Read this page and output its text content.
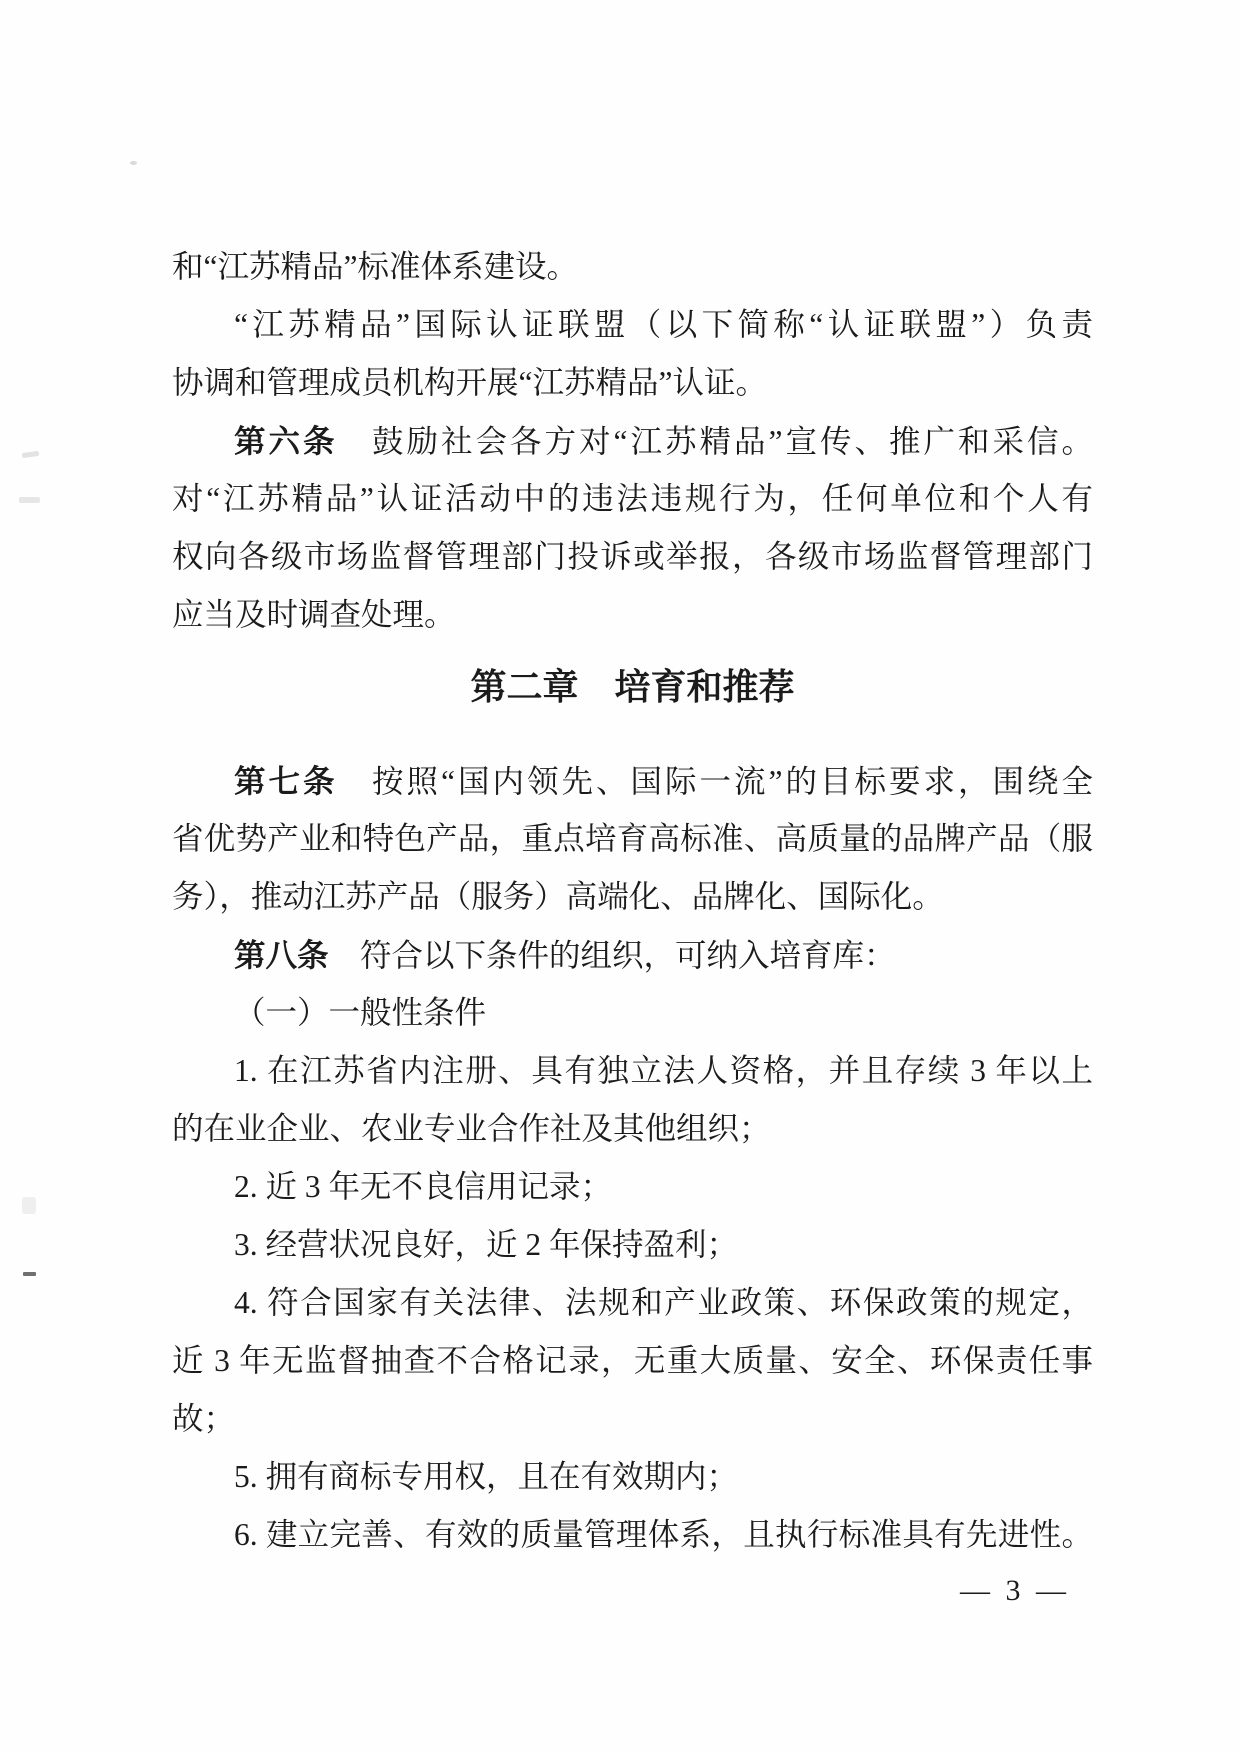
和“江苏精品”标准体系建设。
“江苏精品”国际认证联盟（以下简称“认证联盟”）负责
协调和管理成员机构开展“江苏精品”认证。
第六条　鼓励社会各方对“江苏精品”宣传、推广和采信。
对“江苏精品”认证活动中的违法违规行为，任何单位和个人有
权向各级市场监督管理部门投诉或举报，各级市场监督管理部门
应当及时调查处理。
第二章　培育和推荐
第七条　按照“国内领先、国际一流”的目标要求，围绕全
省优势产业和特色产品，重点培育高标准、高质量的品牌产品（服
务），推动江苏产品（服务）高端化、品牌化、国际化。
第八条　符合以下条件的组织，可纳入培育库：
（一）一般性条件
1. 在江苏省内注册、具有独立法人资格，并且存续 3 年以上
的在业企业、农业专业合作社及其他组织；
2. 近 3 年无不良信用记录；
3. 经营状况良好，近 2 年保持盈利；
4. 符合国家有关法律、法规和产业政策、环保政策的规定，
近 3 年无监督抽查不合格记录，无重大质量、安全、环保责任事
故；
5. 拥有商标专用权，且在有效期内；
6. 建立完善、有效的质量管理体系，且执行标准具有先进性。
— 3 —
